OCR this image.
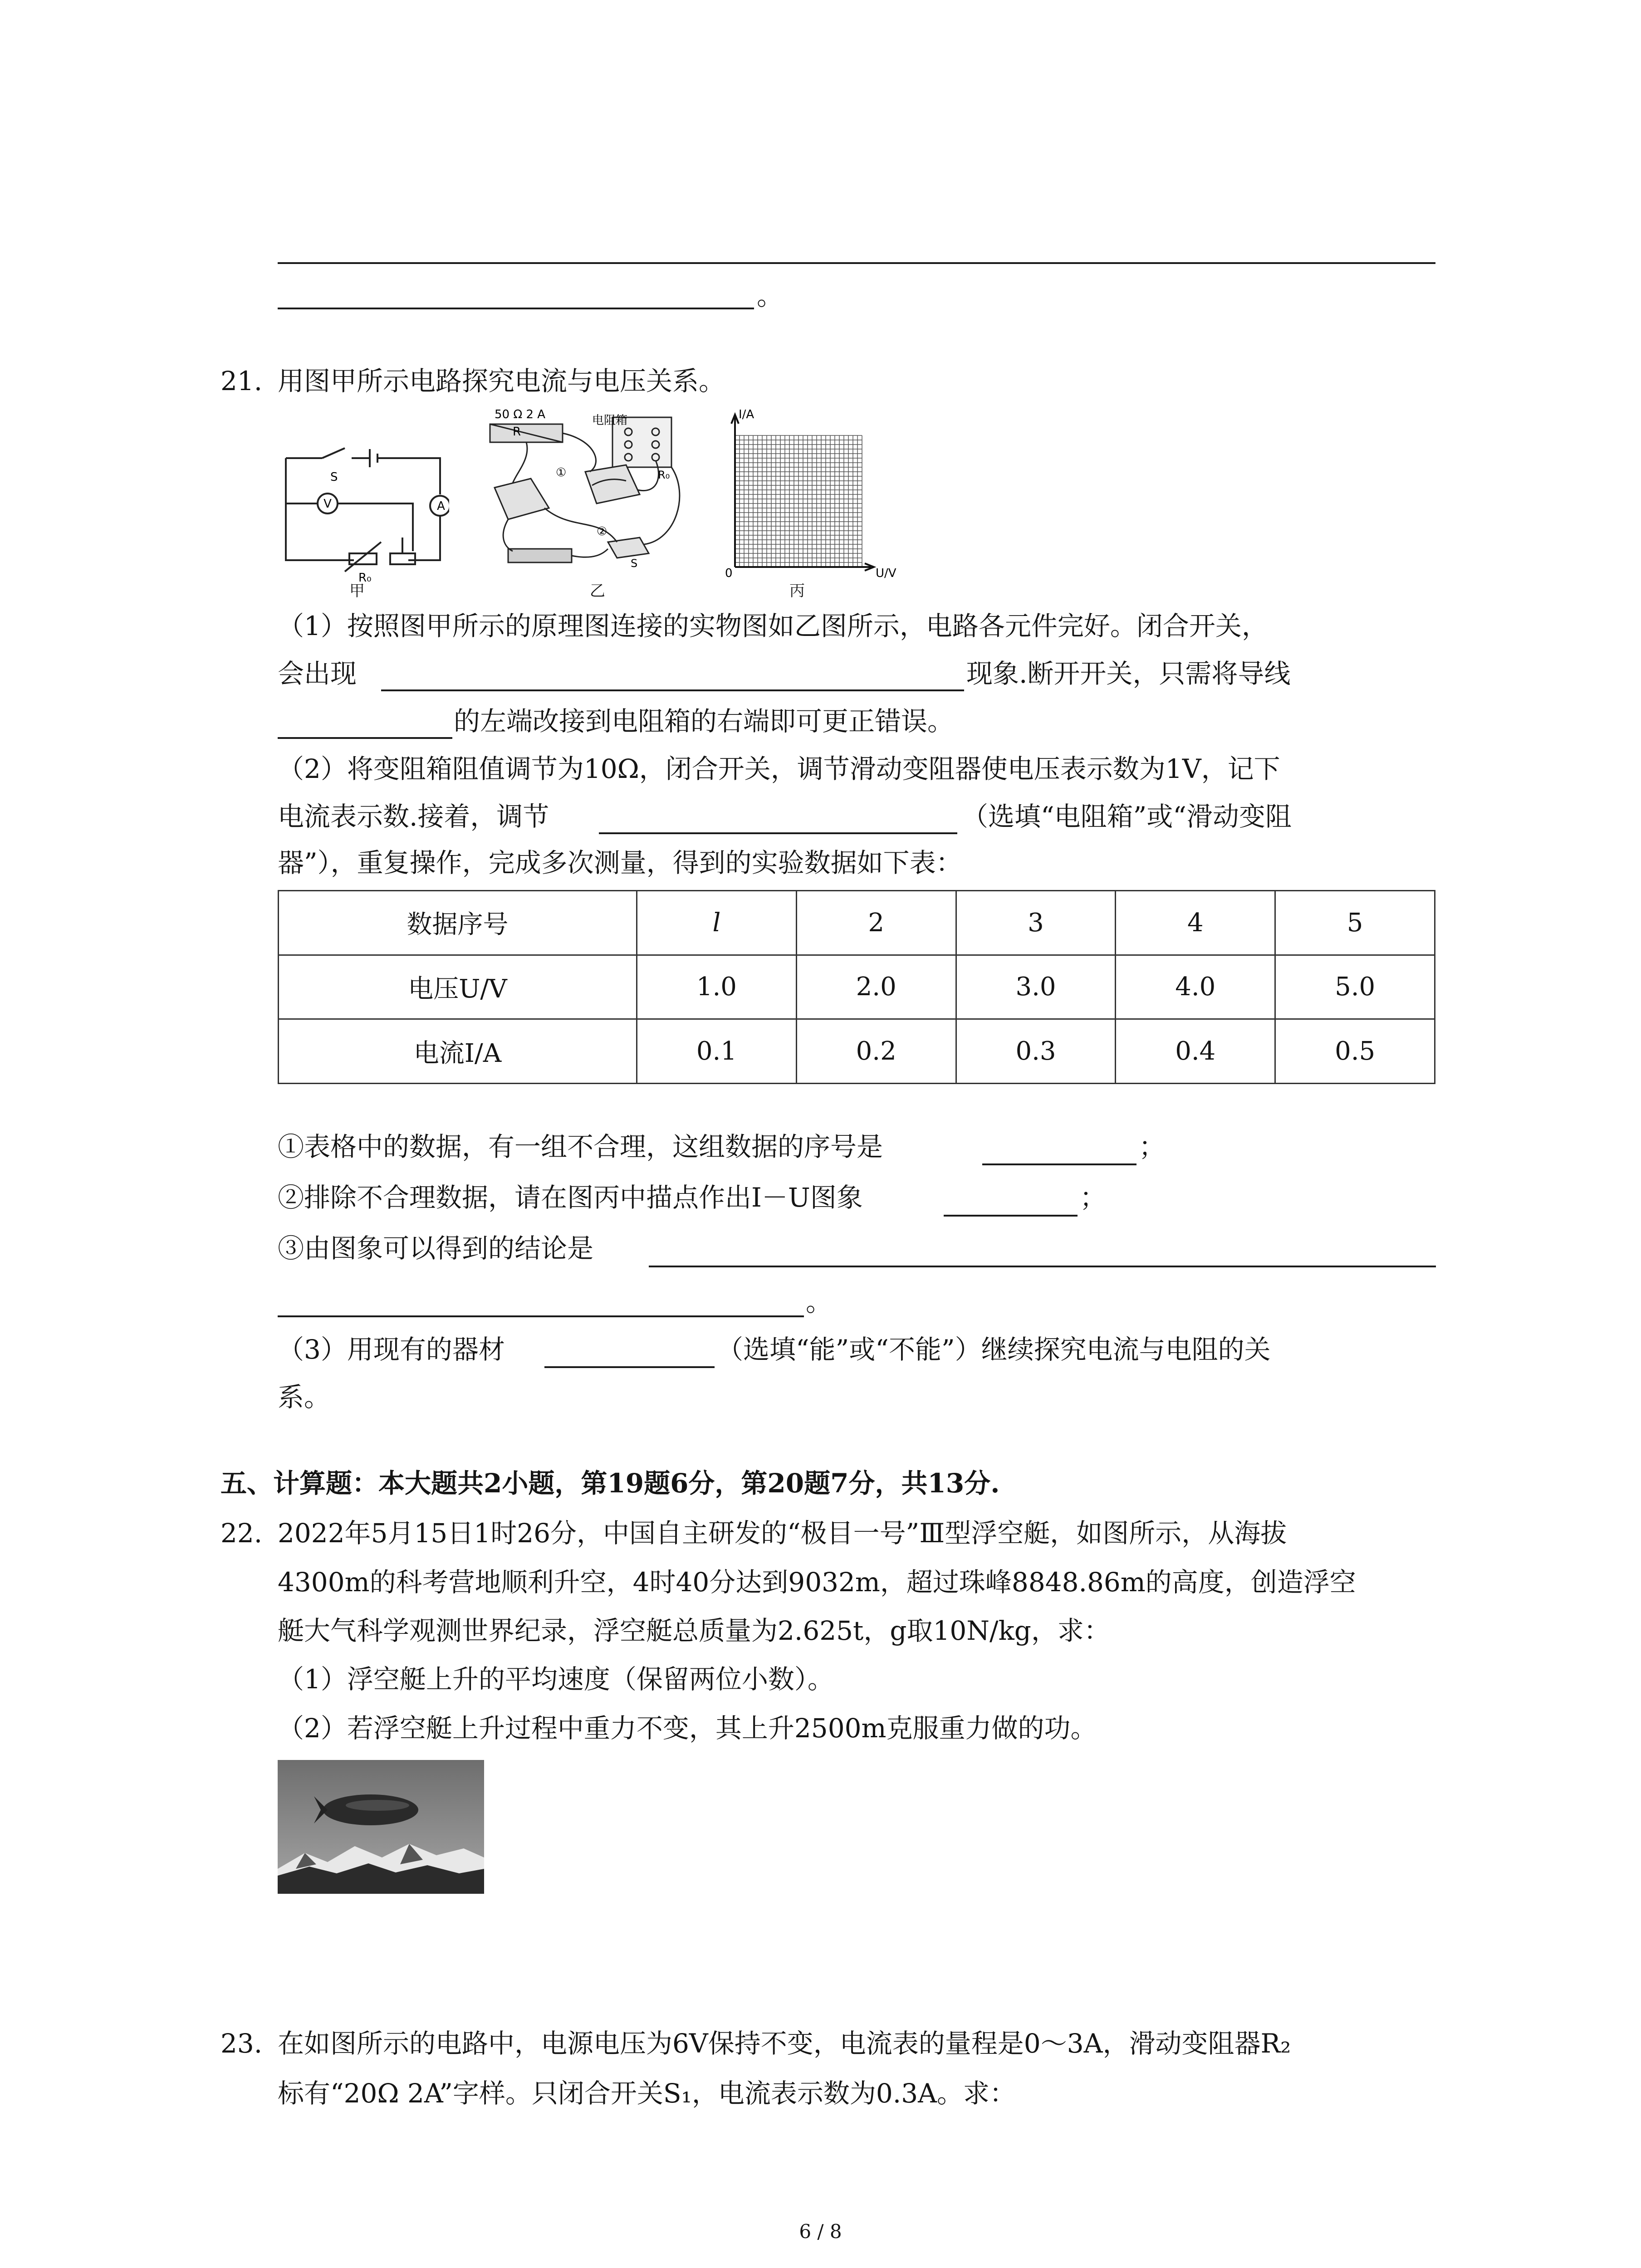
。
21. 用图甲所示电路探究电流与电压关系。
S
A
V
R₀
甲
50 Ω 2 A
R
电阻箱
R₀
①
②
S
乙
I/A
U/V
0
丙
（1）按照图甲所示的原理图连接的实物图如乙图所示，电路各元件完好。闭合开关，
会出现	现象.断开开关，只需将导线
的左端改接到电阻箱的右端即可更正错误。
（2）将变阻箱阻值调节为10Ω，闭合开关，调节滑动变阻器使电压表示数为1V，记下
电流表示数.接着，调节	（选填“电阻箱”或“滑动变阻
器”），重复操作，完成多次测量，得到的实验数据如下表：
数据序号	l	2	3	4	5
电压U/V	1.0	2.0	3.0	4.0	5.0
电流I/A	0.1	0.2	0.3	0.4	0.5
①表格中的数据，有一组不合理，这组数据的序号是	；
②排除不合理数据，请在图丙中描点作出I－U图象	；
③由图象可以得到的结论是
。
（3）用现有的器材	（选填“能”或“不能”）继续探究电流与电阻的关
系。
五、计算题：本大题共2小题，第19题6分，第20题7分，共13分.
22. 2022年5月15日1时26分，中国自主研发的“极目一号”Ⅲ型浮空艇，如图所示，从海拔
4300m的科考营地顺利升空，4时40分达到9032m，超过珠峰8848.86m的高度，创造浮空
艇大气科学观测世界纪录，浮空艇总质量为2.625t，g取10N/kg，求：
（1）浮空艇上升的平均速度（保留两位小数）。
（2）若浮空艇上升过程中重力不变，其上升2500m克服重力做的功。
23. 在如图所示的电路中，电源电压为6V保持不变，电流表的量程是0～3A，滑动变阻器R₂
标有“20Ω 2A”字样。只闭合开关S₁，电流表示数为0.3A。求：
6 / 8
